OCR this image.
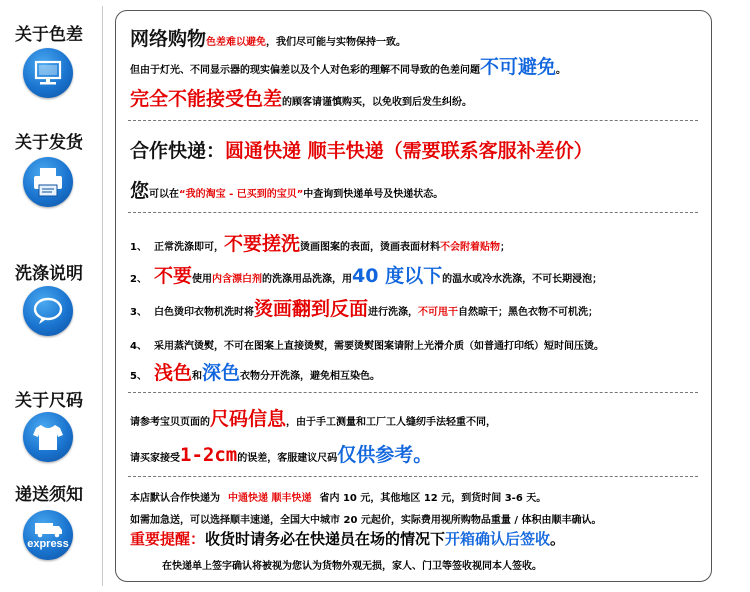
关于色差
关于发货
洗涤说明
关于尺码
递送须知
express
网络购物色差难以避免，我们尽可能与实物保持一致。
但由于灯光、不同显示器的现实偏差以及个人对色彩的理解不同导致的色差问题不可避免。
完全不能接受色差的顾客请谨慎购买，以免收到后发生纠纷。
合作快递：圆通快递 顺丰快递（需要联系客服补差价）
您可以在“我的淘宝 - 已买到的宝贝”中查询到快递单号及快递状态。
1、 正常洗涤即可，不要搓洗烫画图案的表面，烫画表面材料不会附着贴物；
2、 不要使用内含漂白剂的洗涤用品洗涤，用40 度以下的温水或冷水洗涤，不可长期浸泡；
3、 白色烫印衣物机洗时将烫画翻到反面进行洗涤，不可甩干自然晾干；黑色衣物不可机洗；
4、 采用蒸汽烫熨，不可在图案上直接烫熨，需要烫熨图案请附上光滑介质（如普通打印纸）短时间压烫。
5、 浅色和深色衣物分开洗涤，避免相互染色。
请参考宝贝页面的尺码信息，由于手工测量和工厂工人缝纫手法轻重不同，
请买家接受1-2cm的误差，客服建议尺码仅供参考。
本店默认合作快递为 中通快递 顺丰快递 省内 10 元，其他地区 12 元，到货时间 3-6 天。
如需加急送，可以选择顺丰速递，全国大中城市 20 元起价，实际费用视所购物品重量 / 体积由顺丰确认。
重要提醒：收货时请务必在快递员在场的情况下开箱确认后签收。
在快递单上签字确认将被视为您认为货物外观无损，家人、门卫等签收视同本人签收。
